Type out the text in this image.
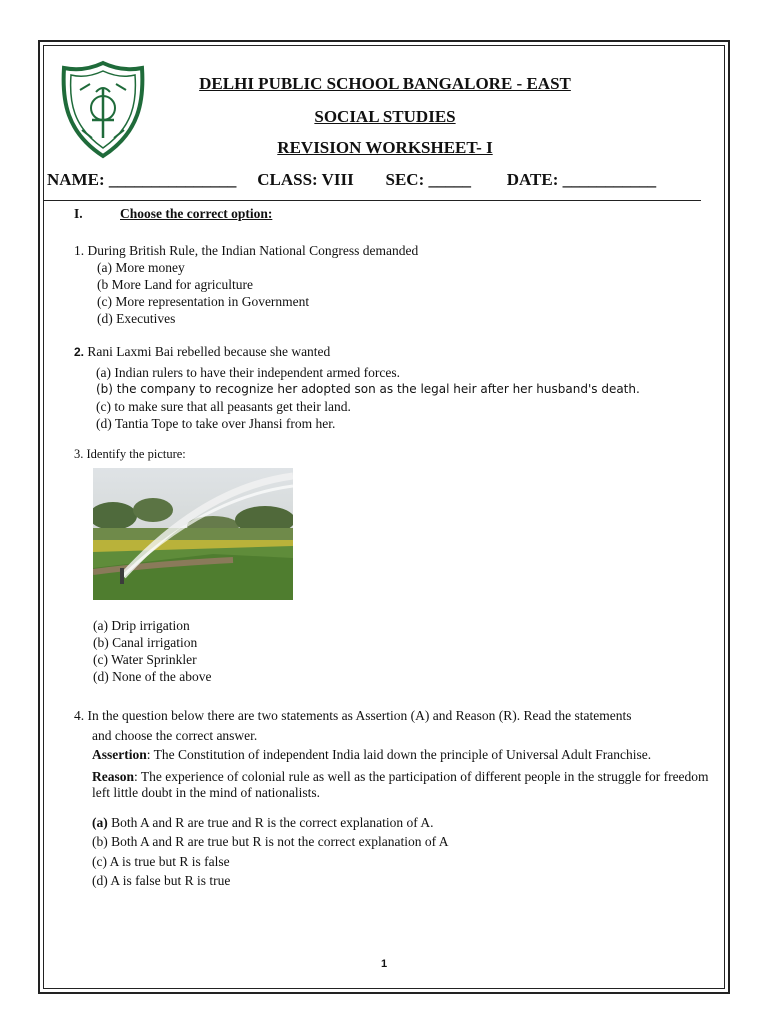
DELHI PUBLIC SCHOOL BANGALORE - EAST
SOCIAL STUDIES
REVISION WORKSHEET- I
NAME: _______________ CLASS: VIII SEC: _____ DATE: ___________
I.	Choose the correct option:
1. During British Rule, the Indian National Congress demanded
(a) More money
(b More Land for agriculture
(c) More representation in Government
(d) Executives
2. Rani Laxmi Bai rebelled because she wanted
(a) Indian rulers to have their independent armed forces.
(b) the company to recognize her adopted son as the legal heir after her husband's death.
(c) to make sure that all peasants get their land.
(d) Tantia Tope to take over Jhansi from her.
3. Identify the picture:
(a) Drip irrigation
(b) Canal irrigation
(c) Water Sprinkler
(d) None of the above
4. In the question below there are two statements as Assertion (A) and Reason (R). Read the statements
and choose the correct answer.
Assertion: The Constitution of independent India laid down the principle of Universal Adult Franchise.
Reason: The experience of colonial rule as well as the participation of different people in the struggle for freedom left little doubt in the mind of nationalists.
(a) Both A and R are true and R is the correct explanation of A.
(b) Both A and R are true but R is not the correct explanation of A
(c) A is true but R is false
(d) A is false but R is true
1
